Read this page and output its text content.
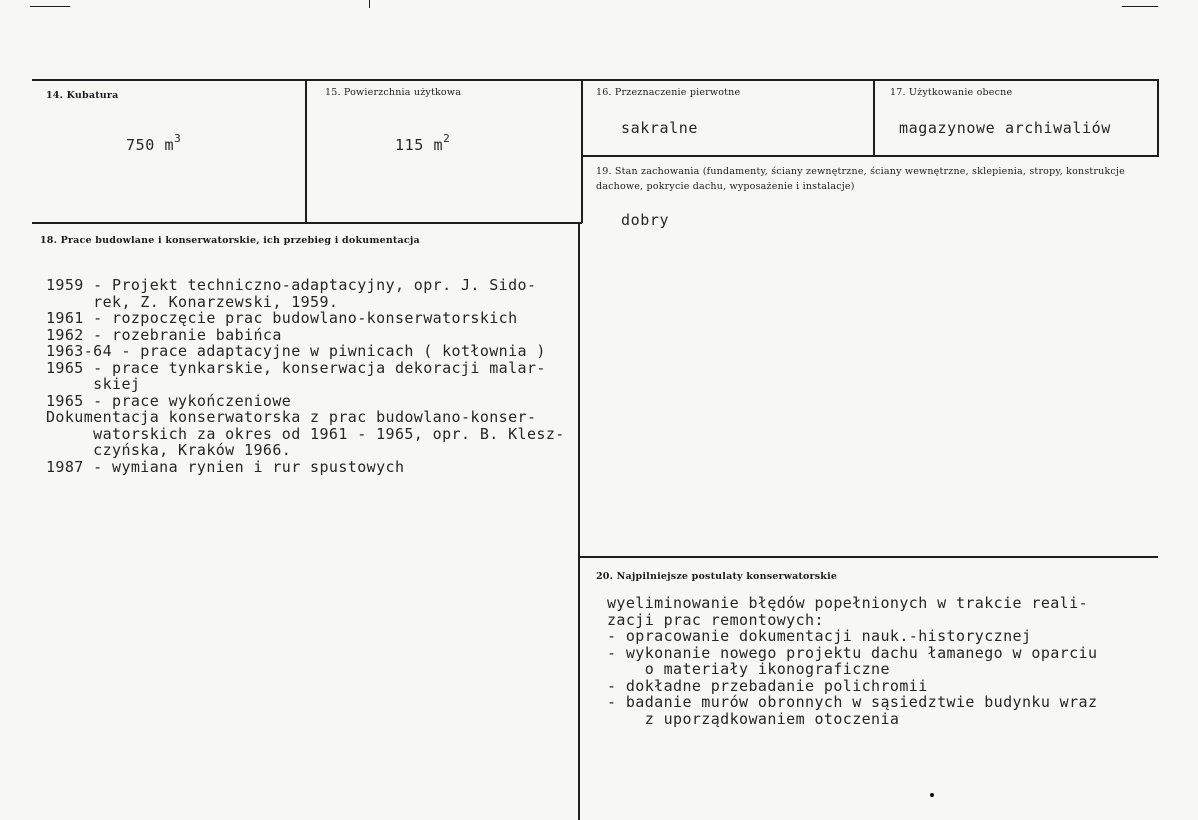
14. Kubatura
750 $m^3$
15. Powierzchnia użytkowa
115 $m^2$
16. Przeznaczenie pierwotne
sakralne
17. Użytkowanie obecne
magazynowe archiwaliów
19. Stan zachowania (fundamenty, ściany zewnętrzne, ściany wewnętrzne, sklepienia, stropy, konstrukcje dachowe, pokrycie dachu, wyposażenie i instalacje)
dobry
18. Prace budowlane i konserwatorskie, ich przebieg i dokumentacja
1959 - Projekt techniczno-adaptacyjny, opr. J. Sido-
rek, Z. Konarzewski, 1959.
1961 - rozpoczęcie prac budowlano-konserwatorskich
1962 - rozebranie babińca
1963-64 - prace adaptacyjne w piwnicach ( kotłownia )
1965 - prace tynkarskie, konserwacja dekoracji malar-
skiej
1965 - prace wykończeniowe
Dokumentacja konserwatorska z prac budowlano-konser-
watorskich za okres od 1961 - 1965, opr. B. Klesz-
czyńska, Kraków 1966.
1987 - wymiana rynien i rur spustowych
20. Najpilniejsze postulaty konserwatorskie
wyeliminowanie błędów popełnionych w trakcie reali-
zacji prac remontowych:
- opracowanie dokumentacji nauk.-historycznej
- wykonanie nowego projektu dachu łamanego w oparciu
o materiały ikonograficzne
- dokładne przebadanie polichromii
- badanie murów obronnych w sąsiedztwie budynku wraz
z uporządkowaniem otoczenia
